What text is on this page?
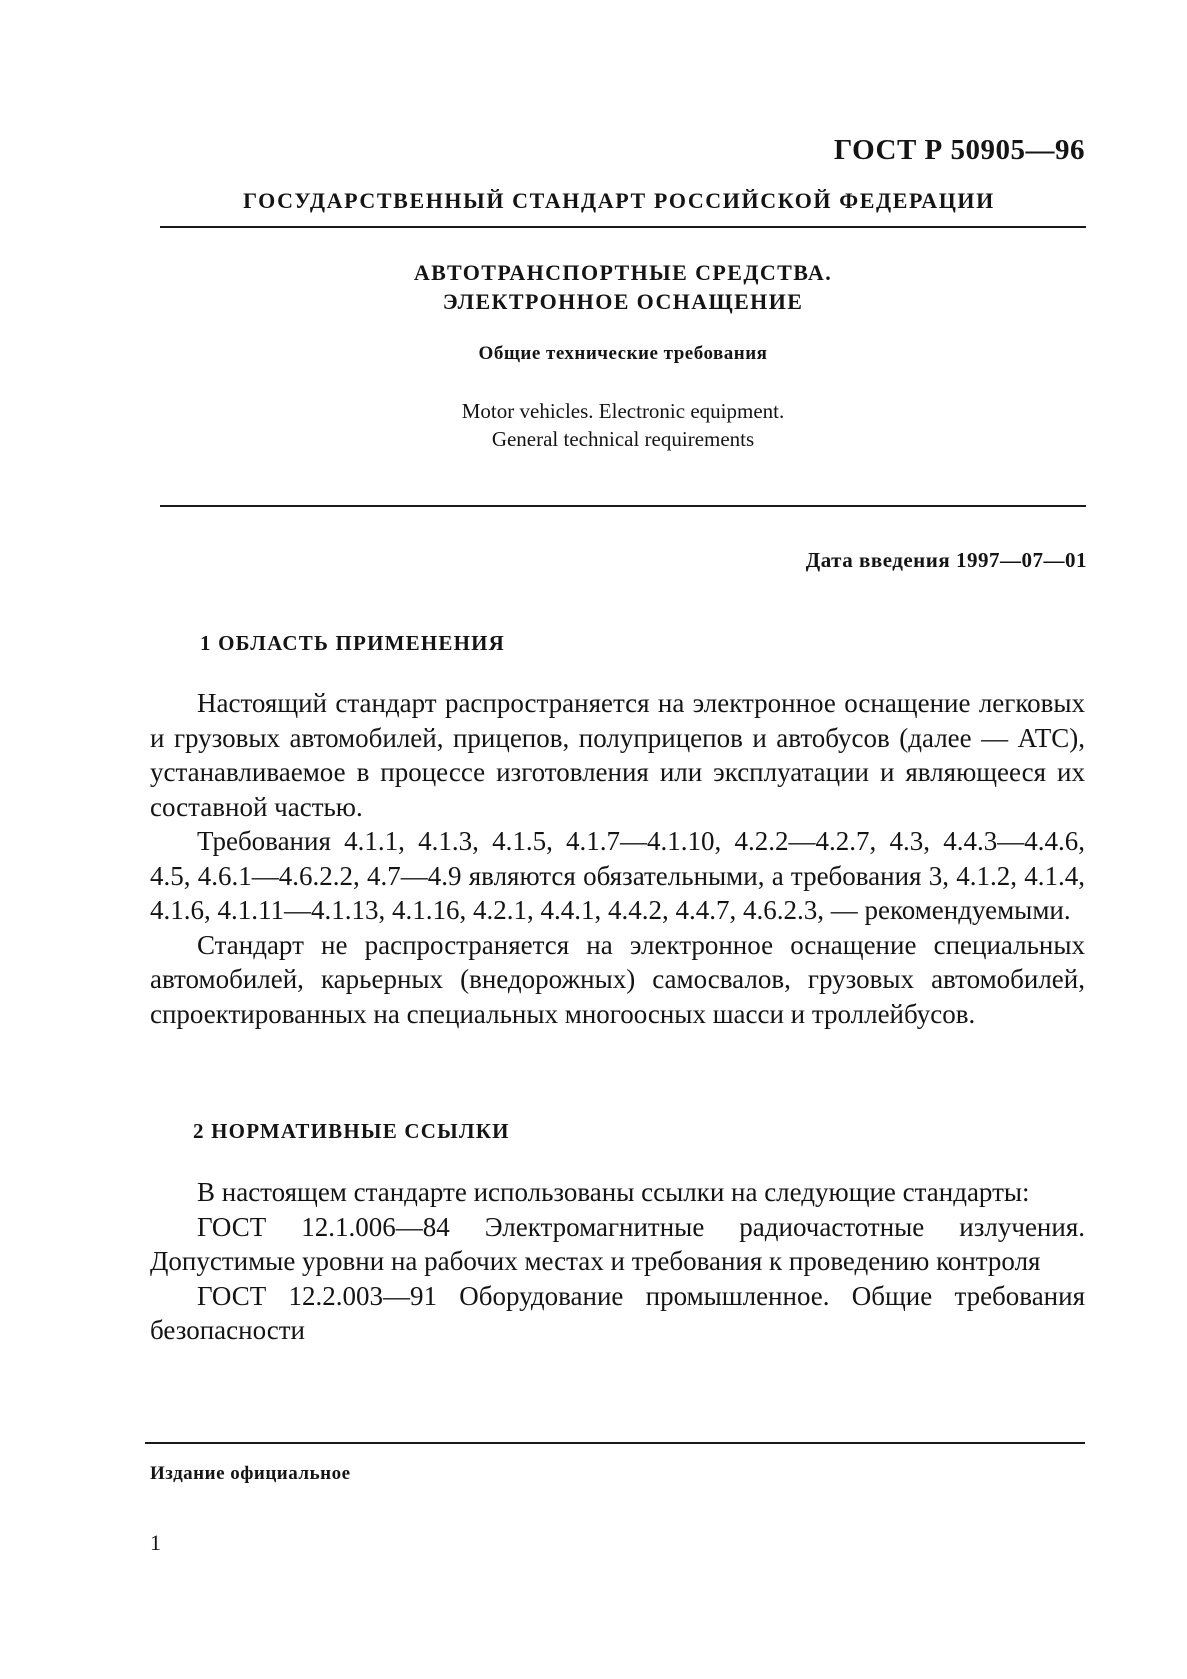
ГОСТ Р 50905—96
ГОСУДАРСТВЕННЫЙ СТАНДАРТ РОССИЙСКОЙ ФЕДЕРАЦИИ
АВТОТРАНСПОРТНЫЕ СРЕДСТВА.
ЭЛЕКТРОННОЕ ОСНАЩЕНИЕ
Общие технические требования
Motor vehicles. Electronic equipment.
General technical requirements
Дата введения 1997—07—01
1 ОБЛАСТЬ ПРИМЕНЕНИЯ

Настоящий стандарт распространяется на электронное оснащение легковых и грузовых автомобилей, прицепов, полуприцепов и автобусов (далее — АТС), устанавливаемое в процессе изготовления или эксплуатации и являющееся их составной частью.

Требования 4.1.1, 4.1.3, 4.1.5, 4.1.7—4.1.10, 4.2.2—4.2.7, 4.3, 4.4.3—4.4.6, 4.5, 4.6.1—4.6.2.2, 4.7—4.9 являются обязательными, а требования 3, 4.1.2, 4.1.4, 4.1.6, 4.1.11—4.1.13, 4.1.16, 4.2.1, 4.4.1, 4.4.2, 4.4.7, 4.6.2.3, — рекомендуемыми.

Стандарт не распространяется на электронное оснащение специальных автомобилей, карьерных (внедорожных) самосвалов, грузовых автомобилей, спроектированных на специальных многоосных шасси и троллейбусов.

2 НОРМАТИВНЫЕ ССЫЛКИ

В настоящем стандарте использованы ссылки на следующие стандарты:

ГОСТ 12.1.006—84 Электромагнитные радиочастотные излучения. Допустимые уровни на рабочих местах и требования к проведению контроля

ГОСТ 12.2.003—91 Оборудование промышленное. Общие требования безопасности

Издание официальное
1
